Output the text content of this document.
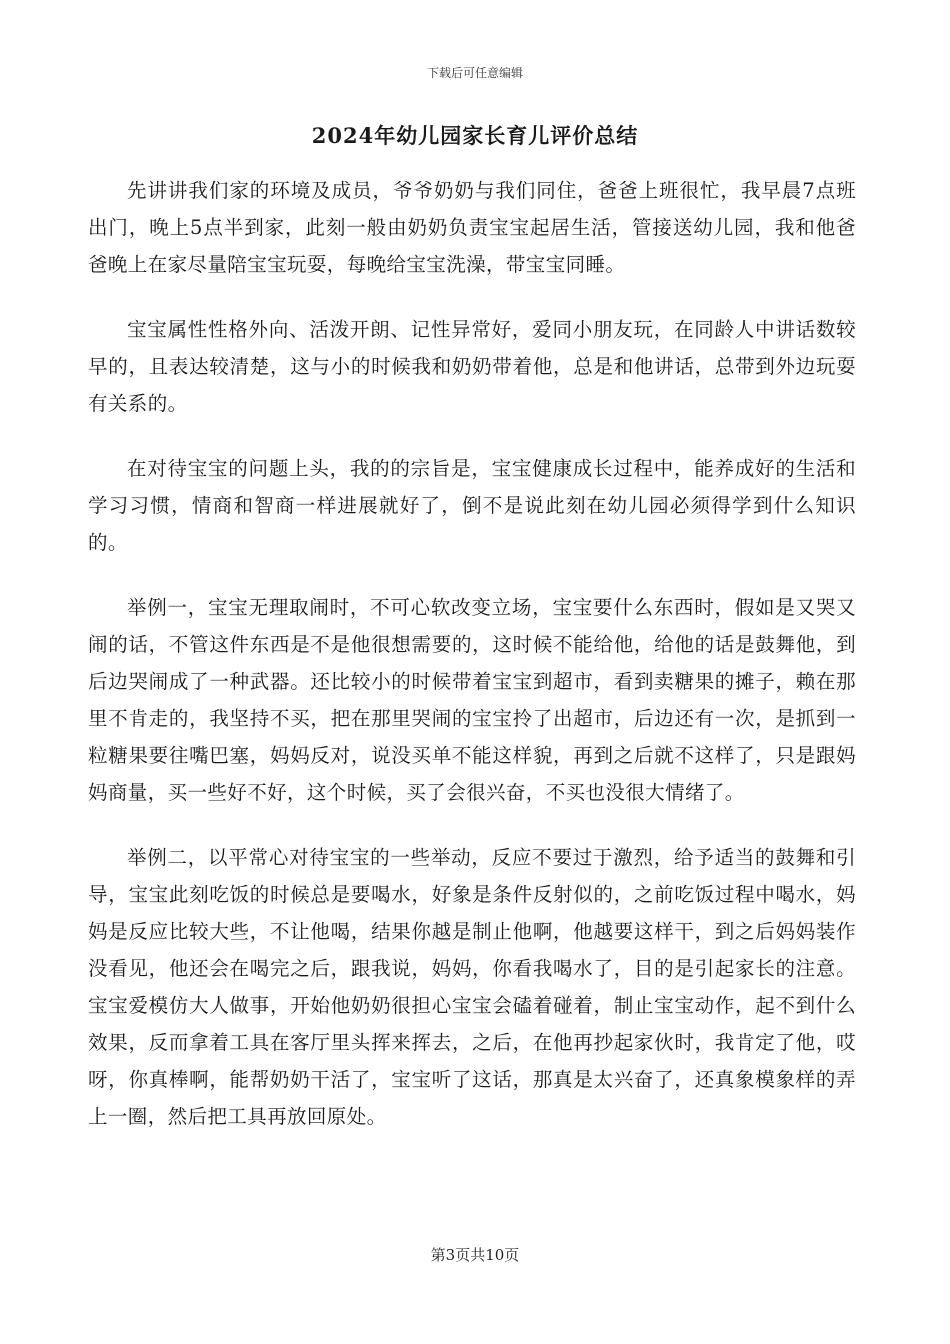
下载后可任意编辑
2024年幼儿园家长育儿评价总结

先讲讲我们家的环境及成员，爷爷奶奶与我们同住，爸爸上班很忙，我早晨7点班出门，晚上5点半到家，此刻一般由奶奶负责宝宝起居生活，管接送幼儿园，我和他爸爸晚上在家尽量陪宝宝玩耍，每晚给宝宝洗澡，带宝宝同睡。

宝宝属性性格外向、活泼开朗、记性异常好，爱同小朋友玩，在同龄人中讲话数较早的，且表达较清楚，这与小的时候我和奶奶带着他，总是和他讲话，总带到外边玩耍有关系的。

在对待宝宝的问题上头，我的的宗旨是，宝宝健康成长过程中，能养成好的生活和学习习惯，情商和智商一样进展就好了，倒不是说此刻在幼儿园必须得学到什么知识的。

举例一，宝宝无理取闹时，不可心软改变立场，宝宝要什么东西时，假如是又哭又闹的话，不管这件东西是不是他很想需要的，这时候不能给他，给他的话是鼓舞他，到后边哭闹成了一种武器。还比较小的时候带着宝宝到超市，看到卖糖果的摊子，赖在那里不肯走的，我坚持不买，把在那里哭闹的宝宝拎了出超市，后边还有一次，是抓到一粒糖果要往嘴巴塞，妈妈反对，说没买单不能这样貌，再到之后就不这样了，只是跟妈妈商量，买一些好不好，这个时候，买了会很兴奋，不买也没很大情绪了。

举例二，以平常心对待宝宝的一些举动，反应不要过于激烈，给予适当的鼓舞和引导，宝宝此刻吃饭的时候总是要喝水，好象是条件反射似的，之前吃饭过程中喝水，妈妈是反应比较大些，不让他喝，结果你越是制止他啊，他越要这样干，到之后妈妈装作没看见，他还会在喝完之后，跟我说，妈妈，你看我喝水了，目的是引起家长的注意。宝宝爱模仿大人做事，开始他奶奶很担心宝宝会磕着碰着，制止宝宝动作，起不到什么效果，反而拿着工具在客厅里头挥来挥去，之后，在他再抄起家伙时，我肯定了他，哎呀，你真棒啊，能帮奶奶干活了，宝宝听了这话，那真是太兴奋了，还真象模象样的弄上一圈，然后把工具再放回原处。

第3页共10页
